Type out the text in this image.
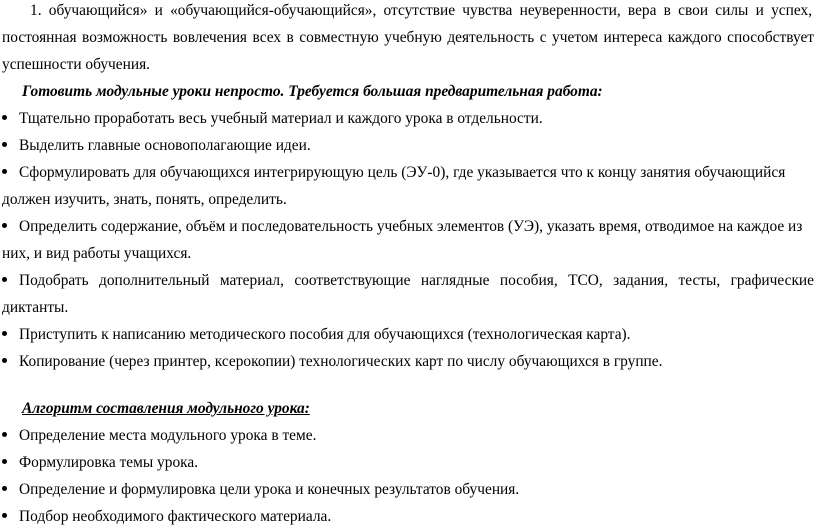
1. обучающийся» и «обучающийся-обучающийся», отсутствие чувства неуверенности, вера в свои силы и успех,
постоянная возможность вовлечения всех в совместную учебную деятельность с учетом интереса каждого способствует
успешности обучения.
Готовить модульные уроки непросто. Требуется большая предварительная работа:
Тщательно проработать весь учебный материал и каждого урока в отдельности.
Выделить главные основополагающие идеи.
Сформулировать для обучающихся интегрирующую цель (ЭУ-0), где указывается что к концу занятия обучающийся
должен изучить, знать, понять, определить.
Определить содержание, объём и последовательность учебных элементов (УЭ), указать время, отводимое на каждое из
них, и вид работы учащихся.
Подобрать дополнительный материал, соответствующие наглядные пособия, ТСО, задания, тесты, графические
диктанты.
Приступить к написанию методического пособия для обучающихся (технологическая карта).
Копирование (через принтер, ксерокопии) технологических карт по числу обучающихся в группе.
Алгоритм составления модульного урока:
Определение места модульного урока в теме.
Формулировка темы урока.
Определение и формулировка цели урока и конечных результатов обучения.
Подбор необходимого фактического материала.
